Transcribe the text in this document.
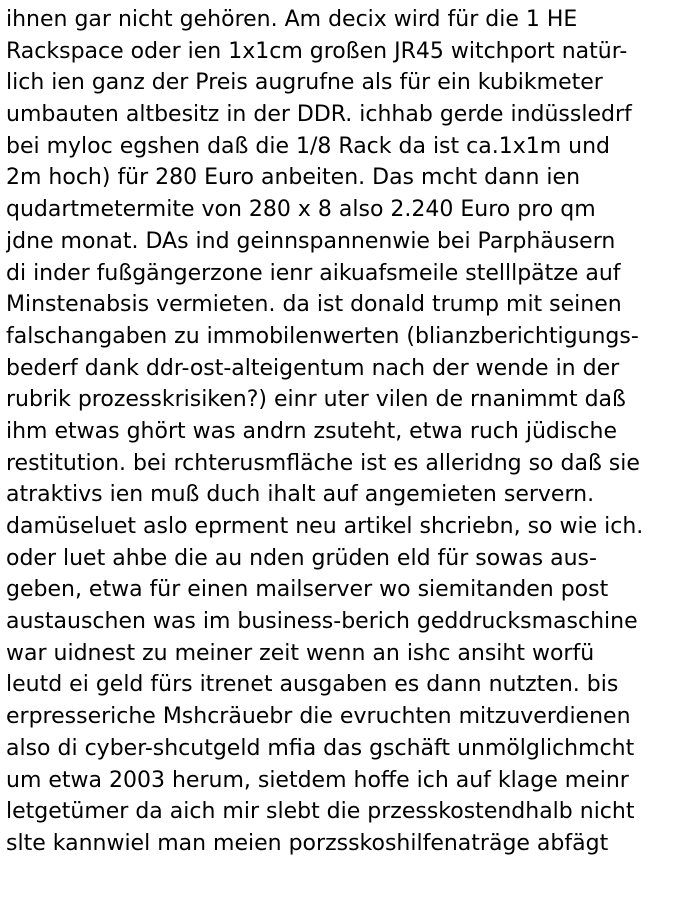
ihnen gar nicht gehören. Am decix wird für die 1 HE
Rackspace oder ien 1x1cm großen JR45 witchport natür-
lich ien ganz der Preis augrufne als für ein kubikmeter
umbauten altbesitz in der DDR. ichhab gerde indüssledrf
bei myloc egshen daß die 1/8 Rack da ist ca.1x1m und
2m hoch) für 280 Euro anbeiten. Das mcht dann ien
qudartmetermite von 280 x 8 also 2.240 Euro pro qm
jdne monat. DAs ind geinnspannenwie bei Parphäusern
di inder fußgängerzone ienr aikuafsmeile stelllpätze auf
Minstenabsis vermieten. da ist donald trump mit seinen
falschangaben zu immobilenwerten (blianzberichtigungs-
bederf dank ddr-ost-alteigentum nach der wende in der
rubrik prozesskrisiken?) einr uter vilen de rnanimmt daß
ihm etwas ghört was andrn zsuteht, etwa ruch jüdische
restitution. bei rchterusmfläche ist es alleridng so daß sie
atraktivs ien muß duch ihalt auf angemieten servern.
damüseluet aslo eprment neu artikel shcriebn, so wie ich.
oder luet ahbe die au nden grüden eld für sowas aus-
geben, etwa für einen mailserver wo siemitanden post
austauschen was im business-berich geddrucksmaschine
war uidnest zu meiner zeit wenn an ishc ansiht worfü
leutd ei geld fürs itrenet ausgaben es dann nutzten. bis
erpresseriche Mshcräuebr die evruchten mitzuverdienen
also di cyber-shcutgeld mfia das gschäft unmölglichmcht
um etwa 2003 herum, sietdem hoffe ich auf klage meinr
letgetümer da aich mir slebt die przesskostendhalb nicht
slte kannwiel man meien porzsskoshilfenaträge abfägt
